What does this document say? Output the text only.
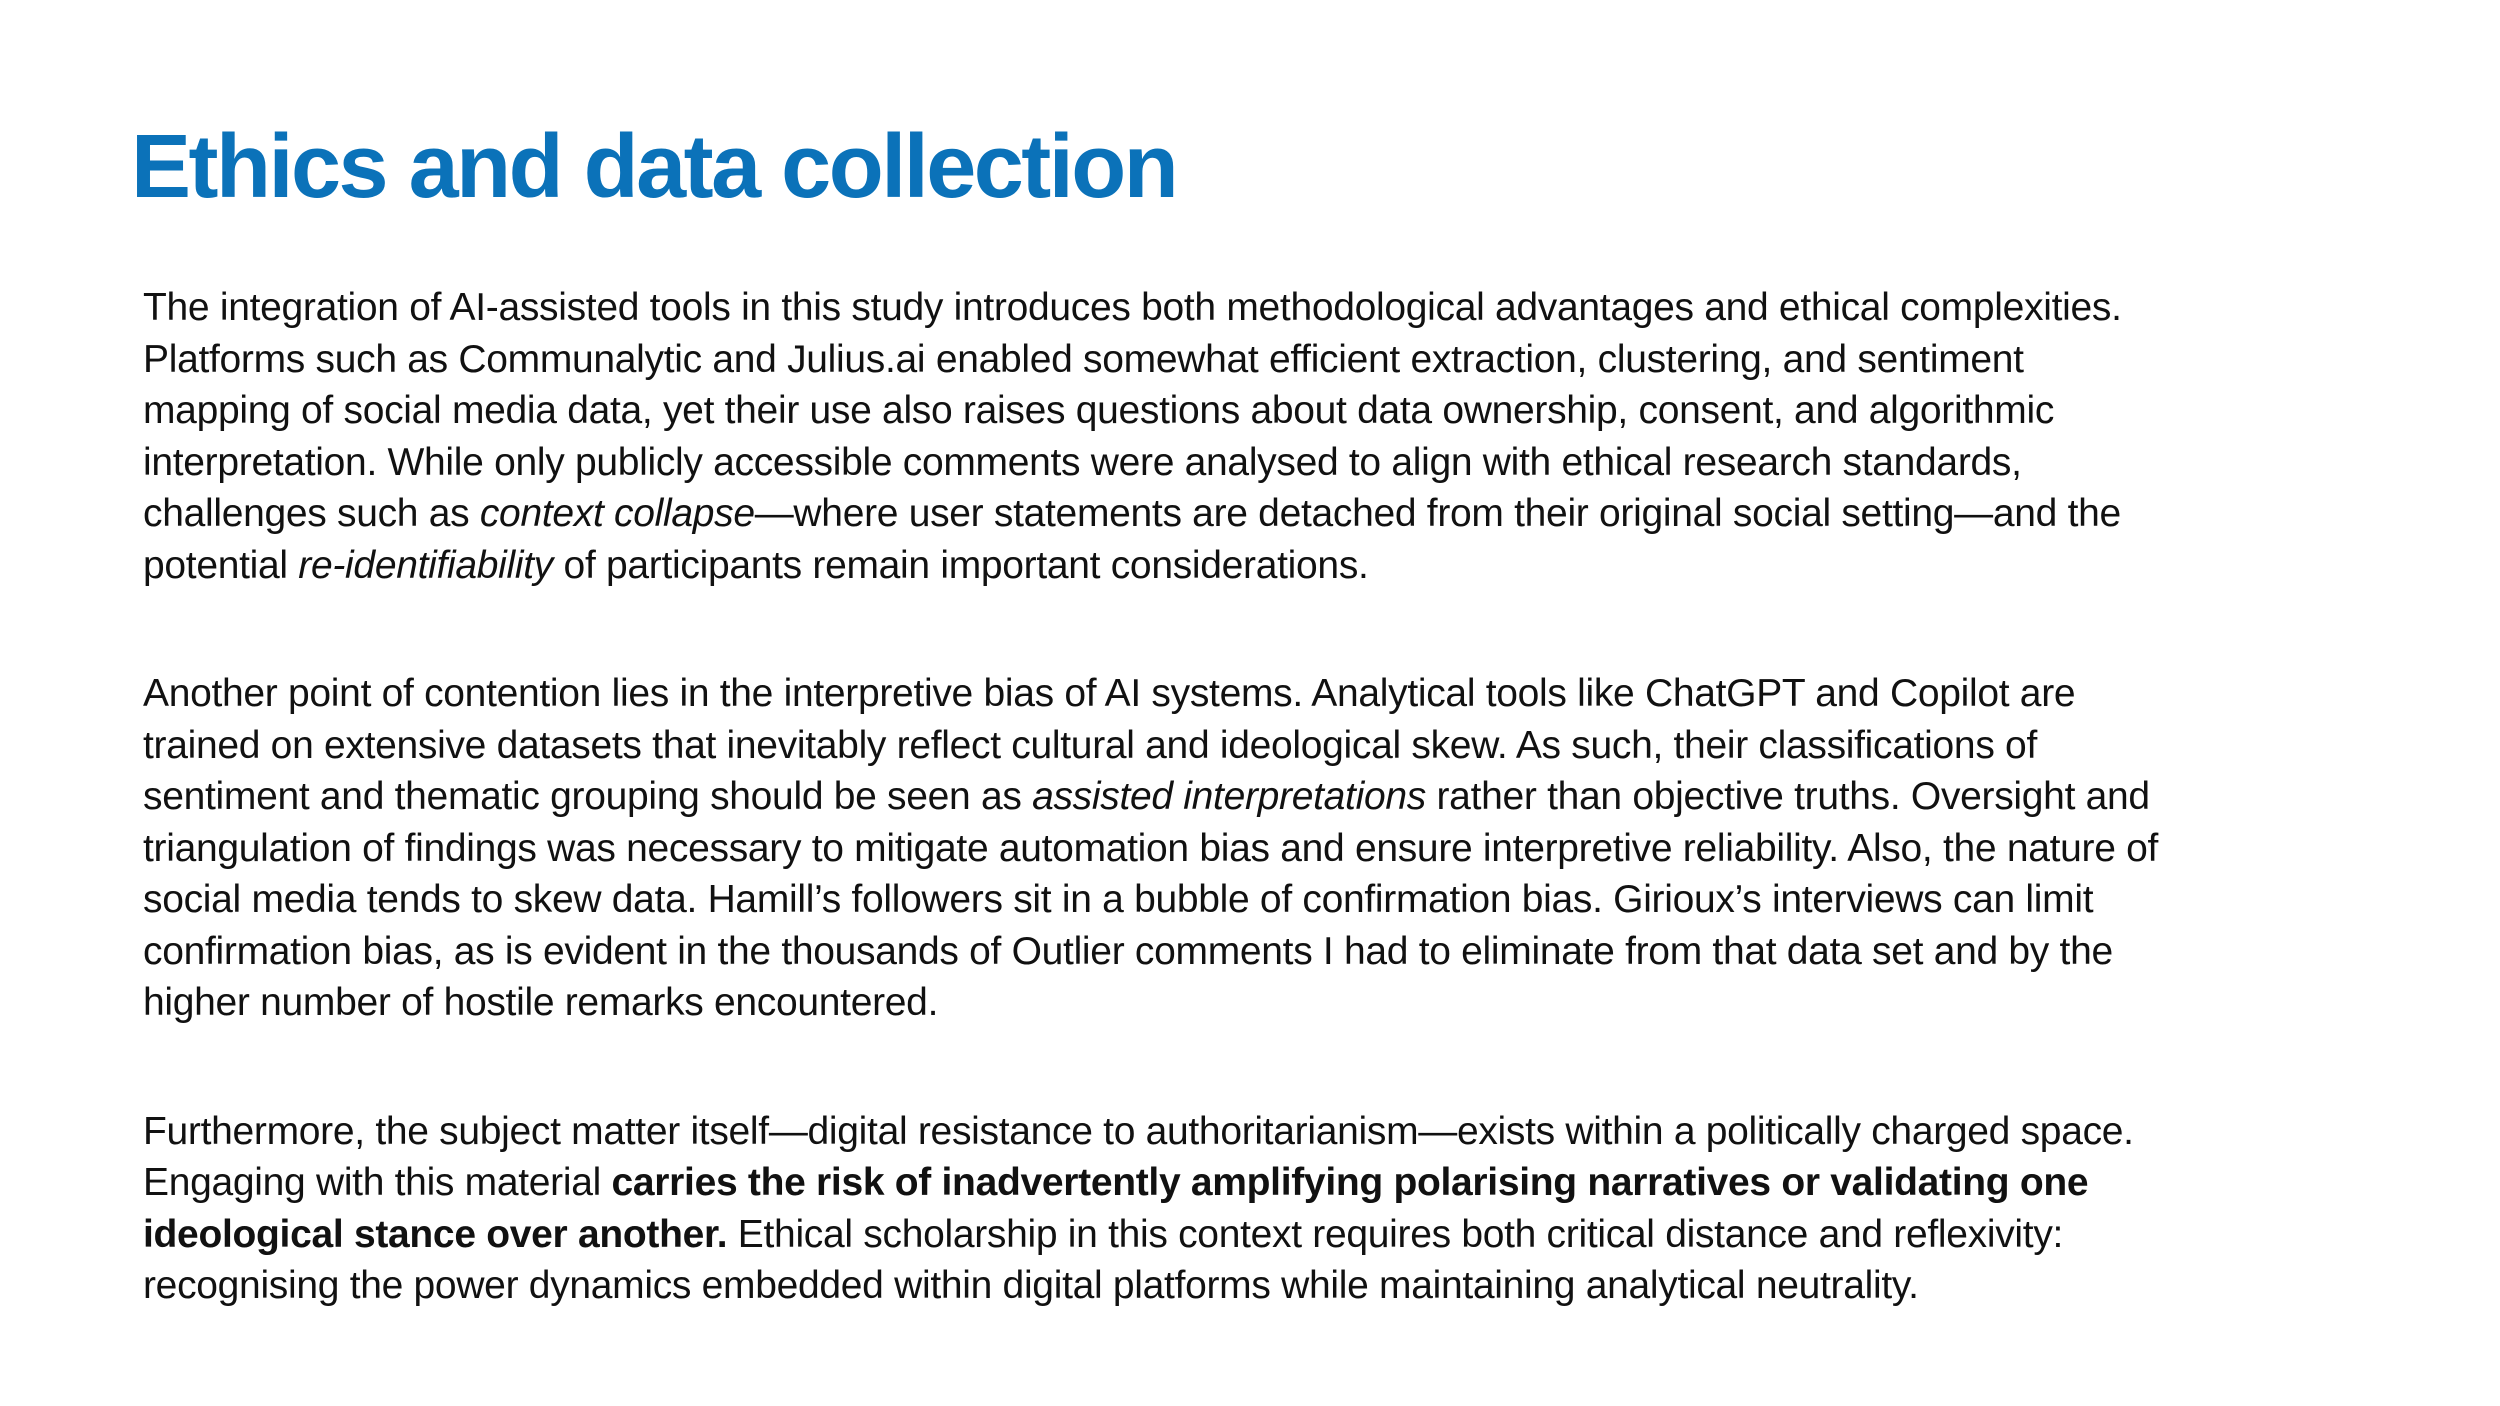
Ethics and data collection

The integration of AI-assisted tools in this study introduces both methodological advantages and ethical complexities.
Platforms such as Communalytic and Julius.ai enabled somewhat efficient extraction, clustering, and sentiment
mapping of social media data, yet their use also raises questions about data ownership, consent, and algorithmic
interpretation. While only publicly accessible comments were analysed to align with ethical research standards,
challenges such as context collapse—where user statements are detached from their original social setting—and the
potential re-identifiability of participants remain important considerations.

Another point of contention lies in the interpretive bias of AI systems. Analytical tools like ChatGPT and Copilot are
trained on extensive datasets that inevitably reflect cultural and ideological skew. As such, their classifications of
sentiment and thematic grouping should be seen as assisted interpretations rather than objective truths. Oversight and
triangulation of findings was necessary to mitigate automation bias and ensure interpretive reliability. Also, the nature of
social media tends to skew data. Hamill’s followers sit in a bubble of confirmation bias. Girioux’s interviews can limit
confirmation bias, as is evident in the thousands of Outlier comments I had to eliminate from that data set and by the
higher number of hostile remarks encountered.

Furthermore, the subject matter itself—digital resistance to authoritarianism—exists within a politically charged space.
Engaging with this material carries the risk of inadvertently amplifying polarising narratives or validating one
ideological stance over another. Ethical scholarship in this context requires both critical distance and reflexivity:
recognising the power dynamics embedded within digital platforms while maintaining analytical neutrality.
